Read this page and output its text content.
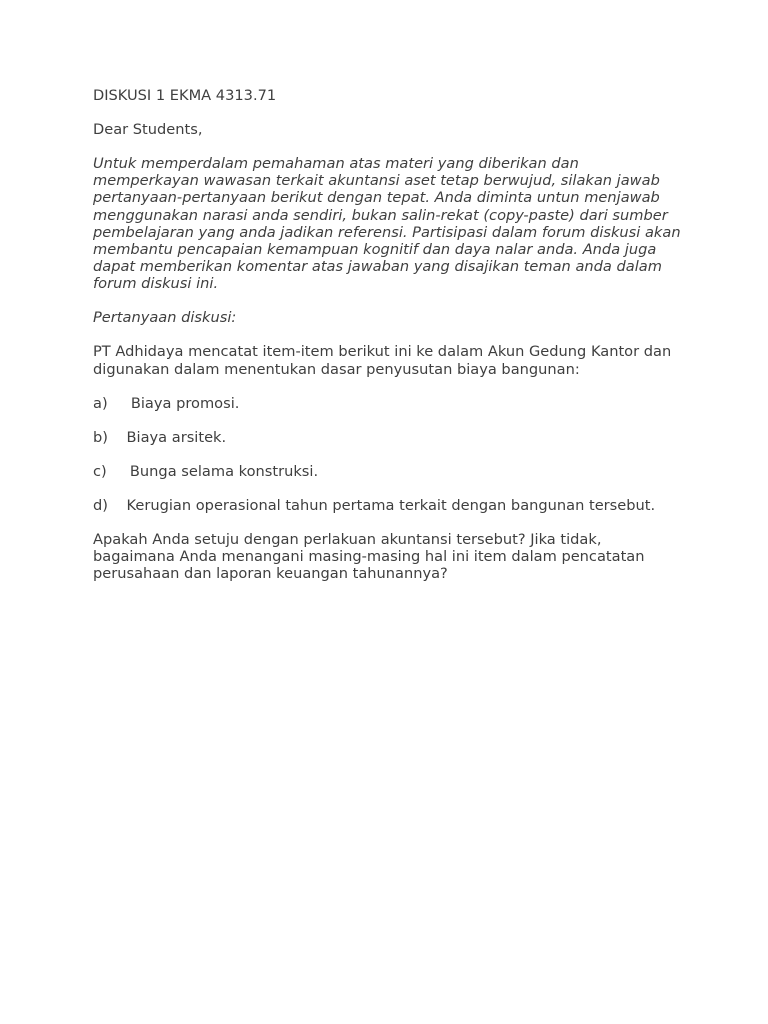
DISKUSI 1 EKMA 4313.71

Dear Students,

Untuk memperdalam pemahaman atas materi yang diberikan dan memperkayan wawasan terkait akuntansi aset tetap berwujud, silakan jawab pertanyaan-pertanyaan berikut dengan tepat. Anda diminta untun menjawab menggunakan narasi anda sendiri, bukan salin-rekat (copy-paste) dari sumber pembelajaran yang anda jadikan referensi. Partisipasi dalam forum diskusi akan membantu pencapaian kemampuan kognitif dan daya nalar anda. Anda juga dapat memberikan komentar atas jawaban yang disajikan teman anda dalam forum diskusi ini.

Pertanyaan diskusi:

PT Adhidaya mencatat item-item berikut ini ke dalam Akun Gedung Kantor dan digunakan dalam menentukan dasar penyusutan biaya bangunan:

a) Biaya promosi.
b) Biaya arsitek.
c) Bunga selama konstruksi.
d) Kerugian operasional tahun pertama terkait dengan bangunan tersebut.

Apakah Anda setuju dengan perlakuan akuntansi tersebut? Jika tidak, bagaimana Anda menangani masing-masing hal ini item dalam pencatatan perusahaan dan laporan keuangan tahunannya?
